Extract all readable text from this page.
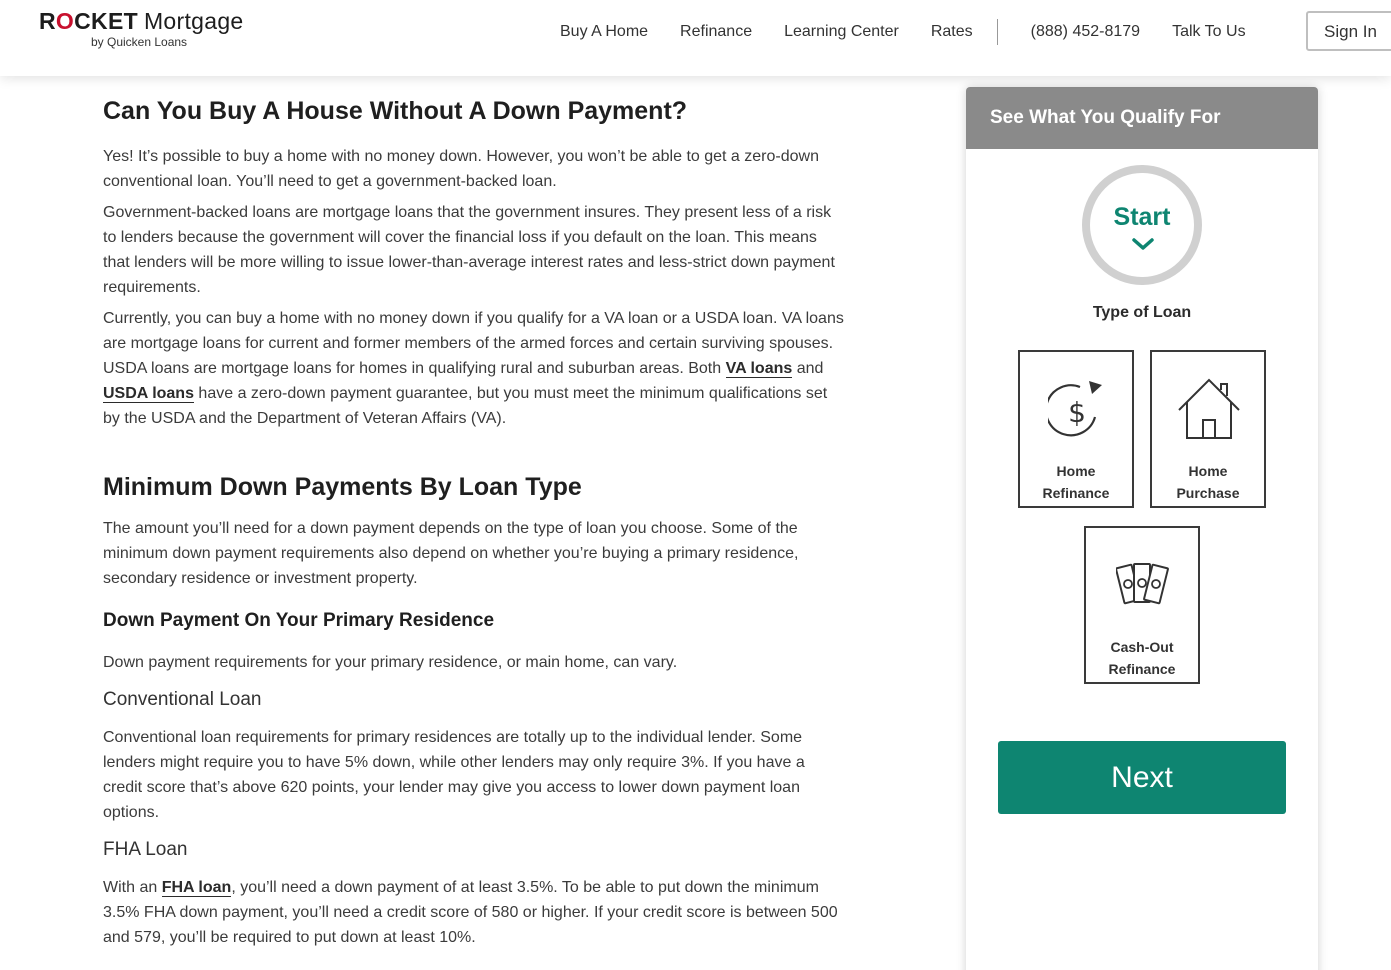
ROCKET Mortgage
by Quicken Loans
Buy A Home Refinance Learning Center Rates	(888) 452-8179 Talk To Us	Sign In
Can You Buy A House Without A Down Payment?

Yes! It’s possible to buy a home with no money down. However, you won’t be able to get a zero-down conventional loan. You’ll need to get a government-backed loan.

Government-backed loans are mortgage loans that the government insures. They present less of a risk to lenders because the government will cover the financial loss if you default on the loan. This means that lenders will be more willing to issue lower-than-average interest rates and less-strict down payment requirements.

Currently, you can buy a home with no money down if you qualify for a VA loan or a USDA loan. VA loans are mortgage loans for current and former members of the armed forces and certain surviving spouses. USDA loans are mortgage loans for homes in qualifying rural and suburban areas. Both VA loans and USDA loans have a zero-down payment guarantee, but you must meet the minimum qualifications set by the USDA and the Department of Veteran Affairs (VA).

Minimum Down Payments By Loan Type

The amount you’ll need for a down payment depends on the type of loan you choose. Some of the minimum down payment requirements also depend on whether you’re buying a primary residence, secondary residence or investment property.

Down Payment On Your Primary Residence

Down payment requirements for your primary residence, or main home, can vary.

Conventional Loan

Conventional loan requirements for primary residences are totally up to the individual lender. Some lenders might require you to have 5% down, while other lenders may only require 3%. If you have a credit score that’s above 620 points, your lender may give you access to lower down payment loan options.

FHA Loan

With an FHA loan, you’ll need a down payment of at least 3.5%. To be able to put down the minimum 3.5% FHA down payment, you’ll need a credit score of 580 or higher. If your credit score is between 500 and 579, you’ll be required to put down at least 10%.

See What You Qualify For
Start
Type of Loan
$
Home
Refinance
Home
Purchase
Cash-Out
Refinance
Next
